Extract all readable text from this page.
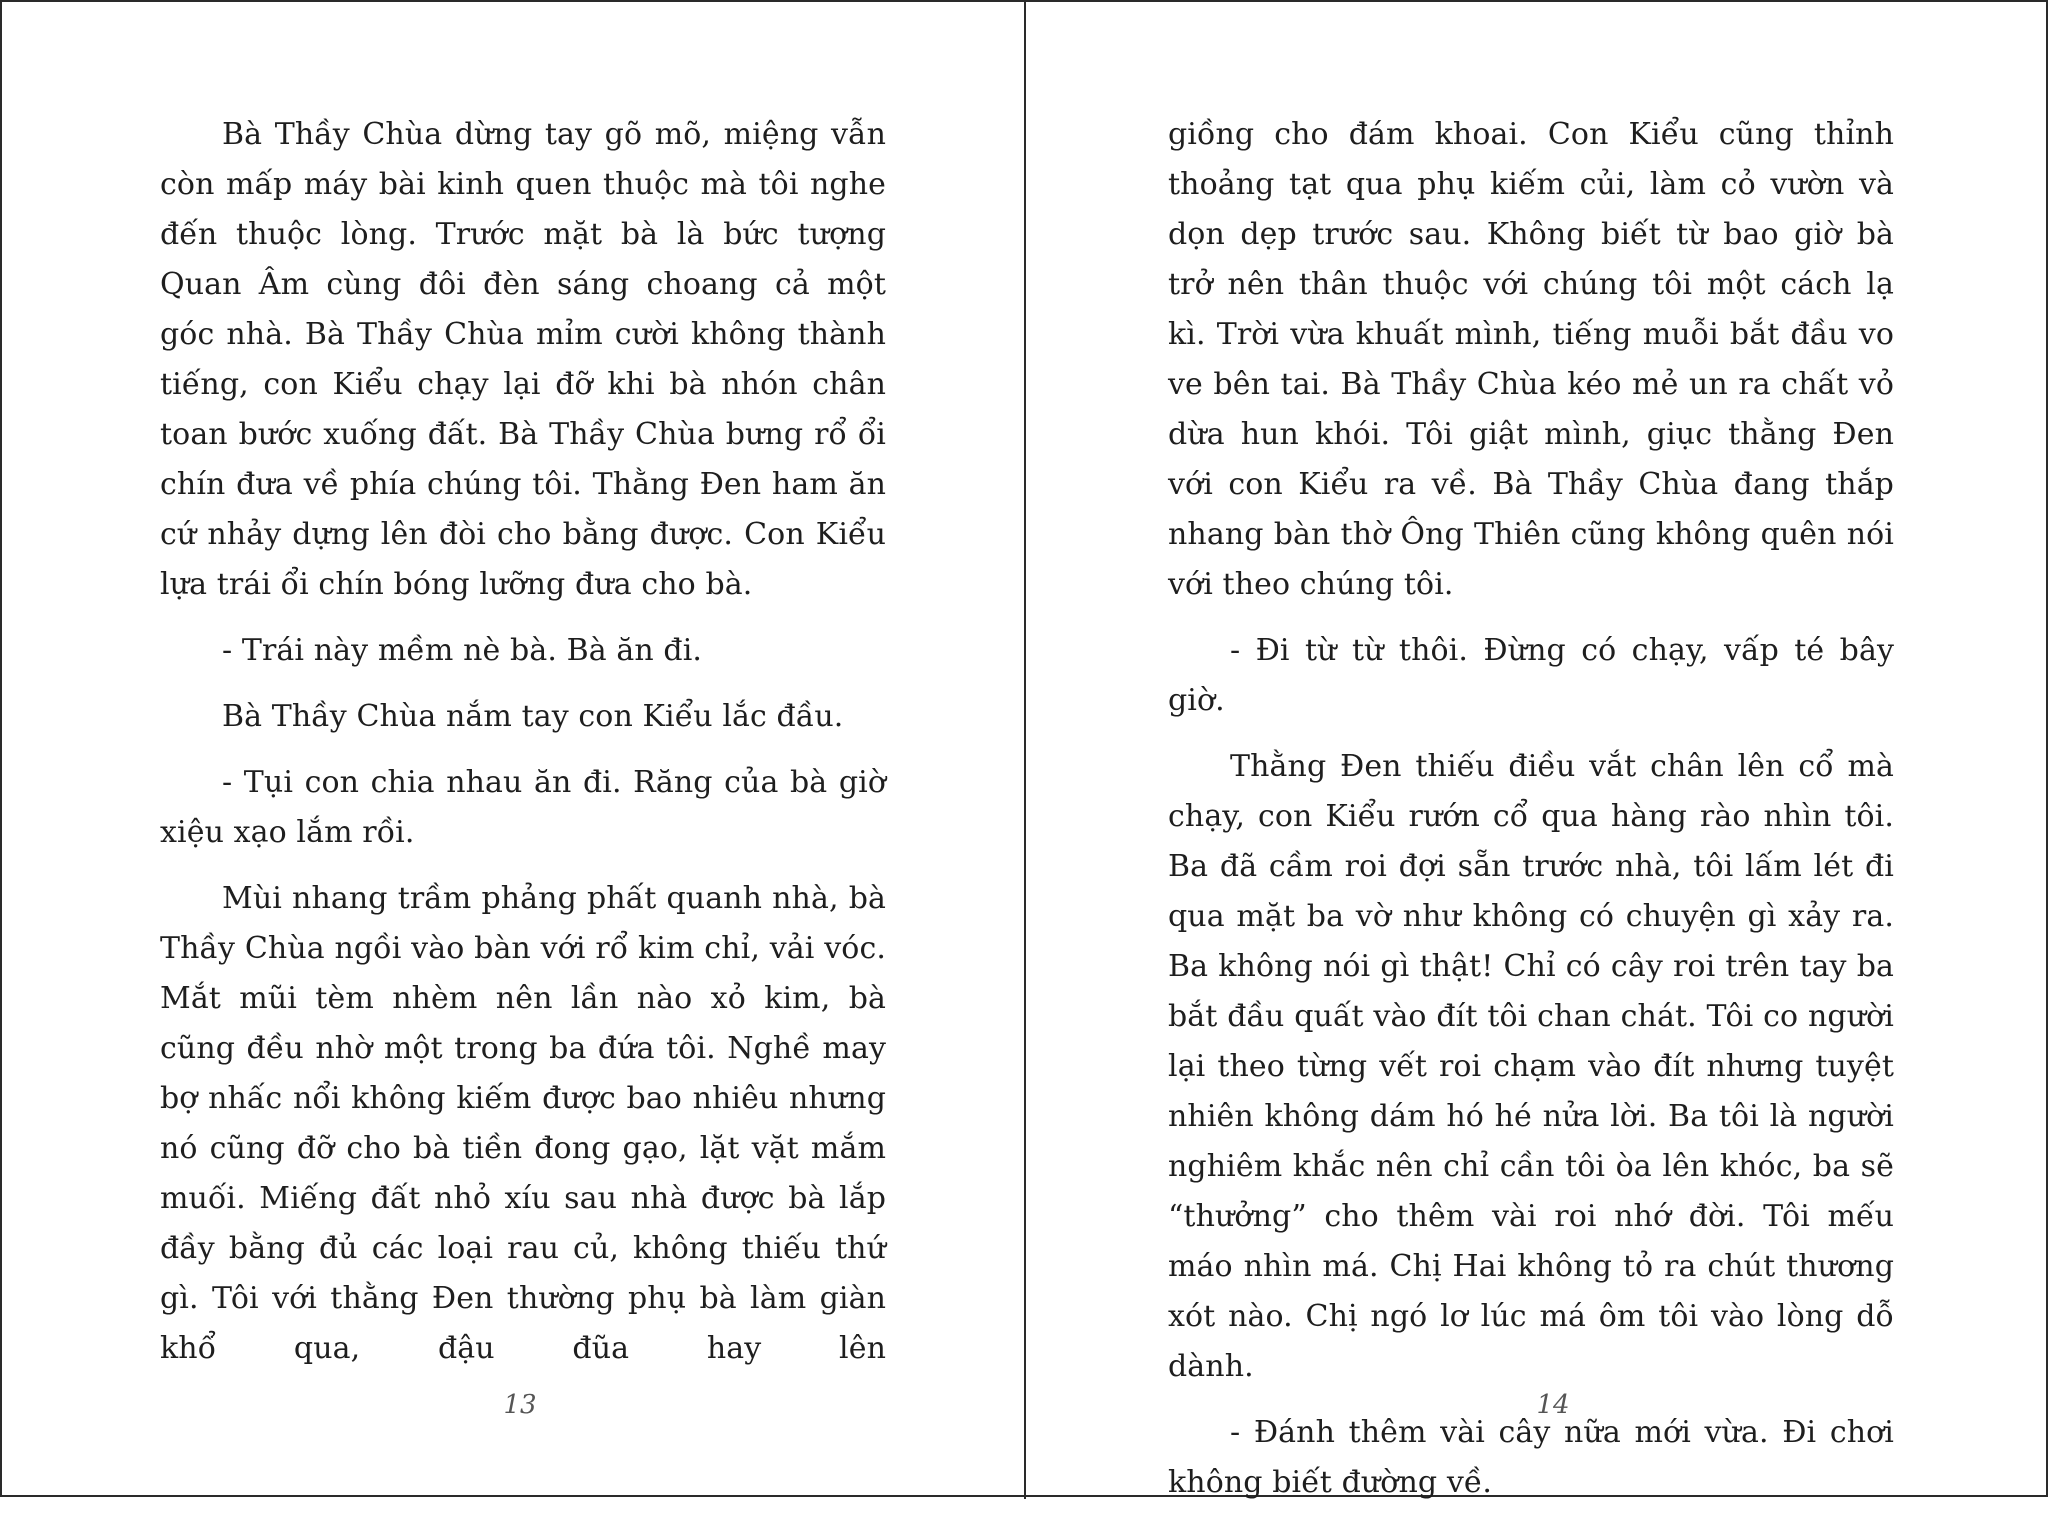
Bà Thầy Chùa dừng tay gõ mõ, miệng vẫn còn mấp máy bài kinh quen thuộc mà tôi nghe đến thuộc lòng. Trước mặt bà là bức tượng Quan Âm cùng đôi đèn sáng choang cả một góc nhà. Bà Thầy Chùa mỉm cười không thành tiếng, con Kiểu chạy lại đỡ khi bà nhón chân toan bước xuống đất. Bà Thầy Chùa bưng rổ ổi chín đưa về phía chúng tôi. Thằng Đen ham ăn cứ nhảy dựng lên đòi cho bằng được. Con Kiểu lựa trái ổi chín bóng lưỡng đưa cho bà.

- Trái này mềm nè bà. Bà ăn đi.

Bà Thầy Chùa nắm tay con Kiểu lắc đầu.

- Tụi con chia nhau ăn đi. Răng của bà giờ xiệu xạo lắm rồi.

Mùi nhang trầm phảng phất quanh nhà, bà Thầy Chùa ngồi vào bàn với rổ kim chỉ, vải vóc. Mắt mũi tèm nhèm nên lần nào xỏ kim, bà cũng đều nhờ một trong ba đứa tôi. Nghề may bợ nhấc nổi không kiếm được bao nhiêu nhưng nó cũng đỡ cho bà tiền đong gạo, lặt vặt mắm muối. Miếng đất nhỏ xíu sau nhà được bà lắp đầy bằng đủ các loại rau củ, không thiếu thứ gì. Tôi với thằng Đen thường phụ bà làm giàn khổ qua, đậu đũa hay lên

13

giồng cho đám khoai. Con Kiểu cũng thỉnh thoảng tạt qua phụ kiếm củi, làm cỏ vườn và dọn dẹp trước sau. Không biết từ bao giờ bà trở nên thân thuộc với chúng tôi một cách lạ kì. Trời vừa khuất mình, tiếng muỗi bắt đầu vo ve bên tai. Bà Thầy Chùa kéo mẻ un ra chất vỏ dừa hun khói. Tôi giật mình, giục thằng Đen với con Kiểu ra về. Bà Thầy Chùa đang thắp nhang bàn thờ Ông Thiên cũng không quên nói với theo chúng tôi.

- Đi từ từ thôi. Đừng có chạy, vấp té bây giờ.

Thằng Đen thiếu điều vắt chân lên cổ mà chạy, con Kiểu rướn cổ qua hàng rào nhìn tôi. Ba đã cầm roi đợi sẵn trước nhà, tôi lấm lét đi qua mặt ba vờ như không có chuyện gì xảy ra. Ba không nói gì thật! Chỉ có cây roi trên tay ba bắt đầu quất vào đít tôi chan chát. Tôi co người lại theo từng vết roi chạm vào đít nhưng tuyệt nhiên không dám hó hé nửa lời. Ba tôi là người nghiêm khắc nên chỉ cần tôi òa lên khóc, ba sẽ “thưởng” cho thêm vài roi nhớ đời. Tôi mếu máo nhìn má. Chị Hai không tỏ ra chút thương xót nào. Chị ngó lơ lúc má ôm tôi vào lòng dỗ dành.

- Đánh thêm vài cây nữa mới vừa. Đi chơi không biết đường về.

14
